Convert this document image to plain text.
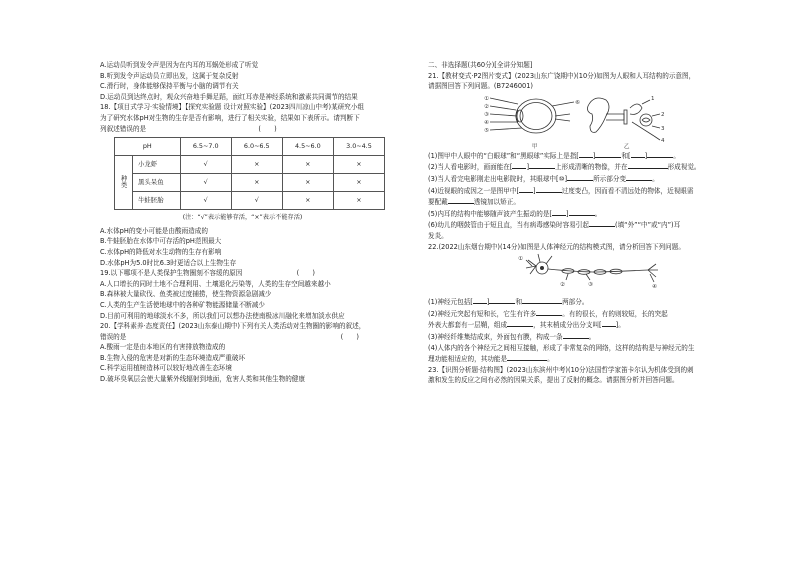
A.运动员听到发令声是因为在内耳的耳蜗处形成了听觉

B.听到发令声运动员立即出发，这属于复杂反射

C.滑行时，身体能够保持平衡与小脑的调节有关

D.运动员到达终点时，观众兴奋地手舞足蹈，面红耳赤是神经系统和激素共同调节的结果

18.【项目式学习·实验情境】【探究实验题 设计对照实验】(2023四川凉山中考)某研究小组

为了研究水体pH对生物的生存是否有影响，进行了相关实验，结果如下表所示。请判断下

列叙述错误的是	(　　)

pH		6.5~7.0	6.0~6.5	4.5~6.0	3.0~4.5
种类	小龙虾	√	×	×	×
	黑头呆鱼	√	×	×	×
	牛蛙胚胎	√	√	×	×

(注：“√”表示能够存活，“×”表示不能存活)

A.水体pH的变小可能是由酸雨造成的

B.牛蛙胚胎在水体中可存活的pH范围最大

C.水体pH的降低对水生动物的生存有影响

D.水体pH为5.0时比6.3时更适合以上生物生存

19.以下哪项不是人类保护生物圈刻不容缓的原因	(　　)

A.人口增长的同时土地不合理利用、土壤退化污染等，人类的生存空间越来越小

B.森林被大量砍伐、鱼类被过度捕捞，使生物资源急剧减少

C.人类的生产生活使地球中的各种矿物能源储量不断减少

D.目前可利用的地球淡水不多，所以我们可以想办法使南极冰川融化来增加淡水供应

20.【学科素养·态度责任】(2023山东泰山期中)下列有关人类活动对生物圈的影响的叙述，

错误的是	(　　)

A.酸雨一定是由本地区的有害排放物造成的

B.生物入侵的危害是对新的生态环境造成严重破坏

C.科学运用植树造林可以较好地改善生态环境

D.破坏臭氧层会使大量紫外线辐射到地面，危害人类和其他生物的健康

二、非选择题(共60分)[全讲分知题]

21.【教材变式·P2图片变式】(2023山东广饶期中)(10分)如图为人眼和人耳结构的示意图，

请据图回答下列问题。(B7246001)

①
②
③
④
⑤
⑥
1
2
3
4
甲	乙

(1)图甲中人眼中的“白眼球”和“黑眼球”实际上是指[ ]	和[ ]	。

(2)当人看电影时，画面能在[ ]	上形成清晰的物像，并在	形成视觉。

(3)当人看完电影刚走出电影院时，其眼球中[⑩]	所示部分变	。

(4)近视眼的成因之一是图甲中[ ]	过度变凸，因而看不清远处的物体，近视眼需

要配戴	透镜加以矫正。

(5)内耳的结构中能够随声波产生振动的是[ ]	。

(6)幼儿的咽鼓管由于短且直，当有病毒感染时容易引起	(填“外”“中”或“内”)耳

发炎。

22.(2022山东烟台期中)(14分)如图是人体神经元的结构模式图，请分析回答下列问题。

①
②	③	④

(1)神经元包括[ ]	和	两部分。

(2)神经元突起有短和长，它生有许多	。有的很长，有的则较短，长的突起

外表大都套有一层鞘，组成	，其末梢成分出分支叫[ ]。

(3)神经纤维集结成束，外面包有膜，构成一条	。

(4)人体内的各个神经元之间相互接触，形成了非常复杂的网络，这样的结构是与神经元的生

理功能相适应的，其功能是	。

23.【识图分析题·结构图】(2023山东滨州中考)(10分)法国哲学家笛卡尔认为机体受到的刺

激和发生的反应之间有必然的因果关系，提出了反射的概念。请据图分析并回答问题。
